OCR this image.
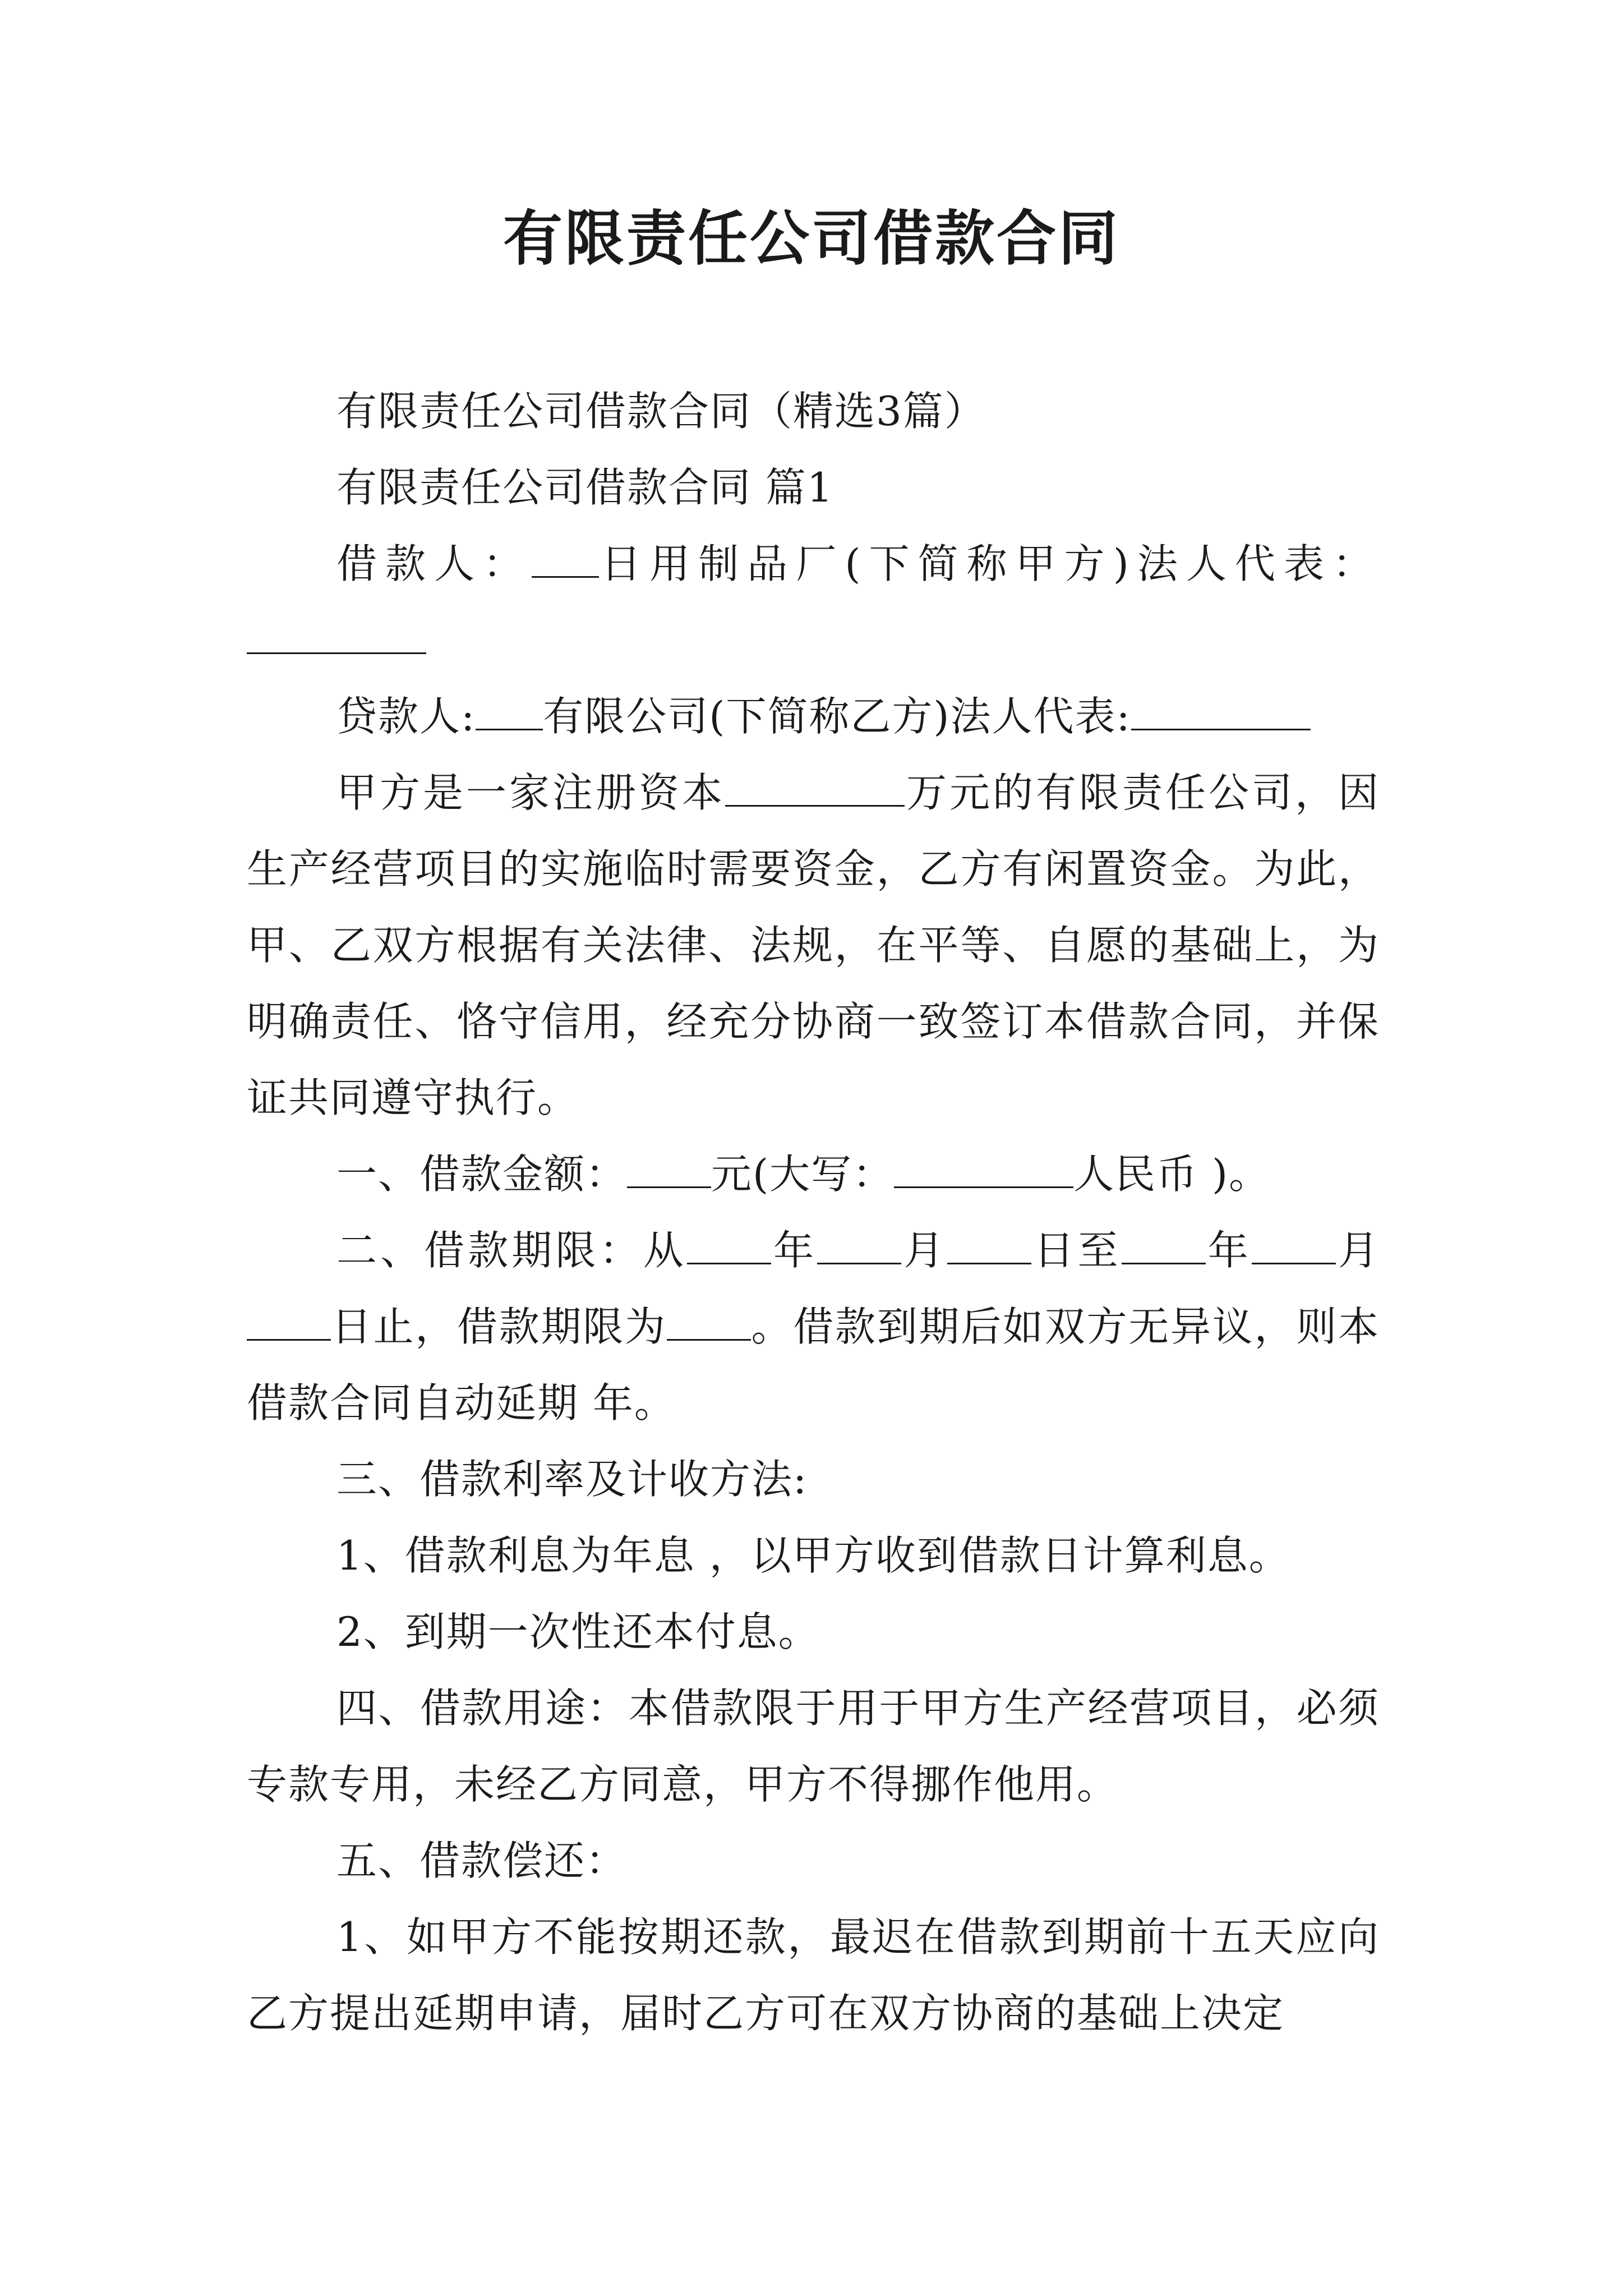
有限责任公司借款合同

有限责任公司借款合同（精选3篇）

有限责任公司借款合同 篇1

借款人： 日用制品厂(下简称甲方)法人代表：

贷款人: 有限公司(下简称乙方)法人代表:

甲方是一家注册资本	万元的有限责任公司，因生产经营项目的实施临时需要资金，乙方有闲置资金。为此，甲、乙双方根据有关法律、法规，在平等、自愿的基础上，为明确责任、恪守信用，经充分协商一致签订本借款合同，并保证共同遵守执行。

一、借款金额： 元(大写：	人民币 )。

二、借款期限：从 年 月 日至 年 月日止，借款期限为 。借款到期后如双方无异议，则本借款合同自动延期 年。

三、借款利率及计收方法:

1、借款利息为年息 ，以甲方收到借款日计算利息。

2、到期一次性还本付息。

四、借款用途：本借款限于用于甲方生产经营项目，必须专款专用，未经乙方同意，甲方不得挪作他用。

五、借款偿还：

1、如甲方不能按期还款，最迟在借款到期前十五天应向乙方提出延期申请，届时乙方可在双方协商的基础上决定
